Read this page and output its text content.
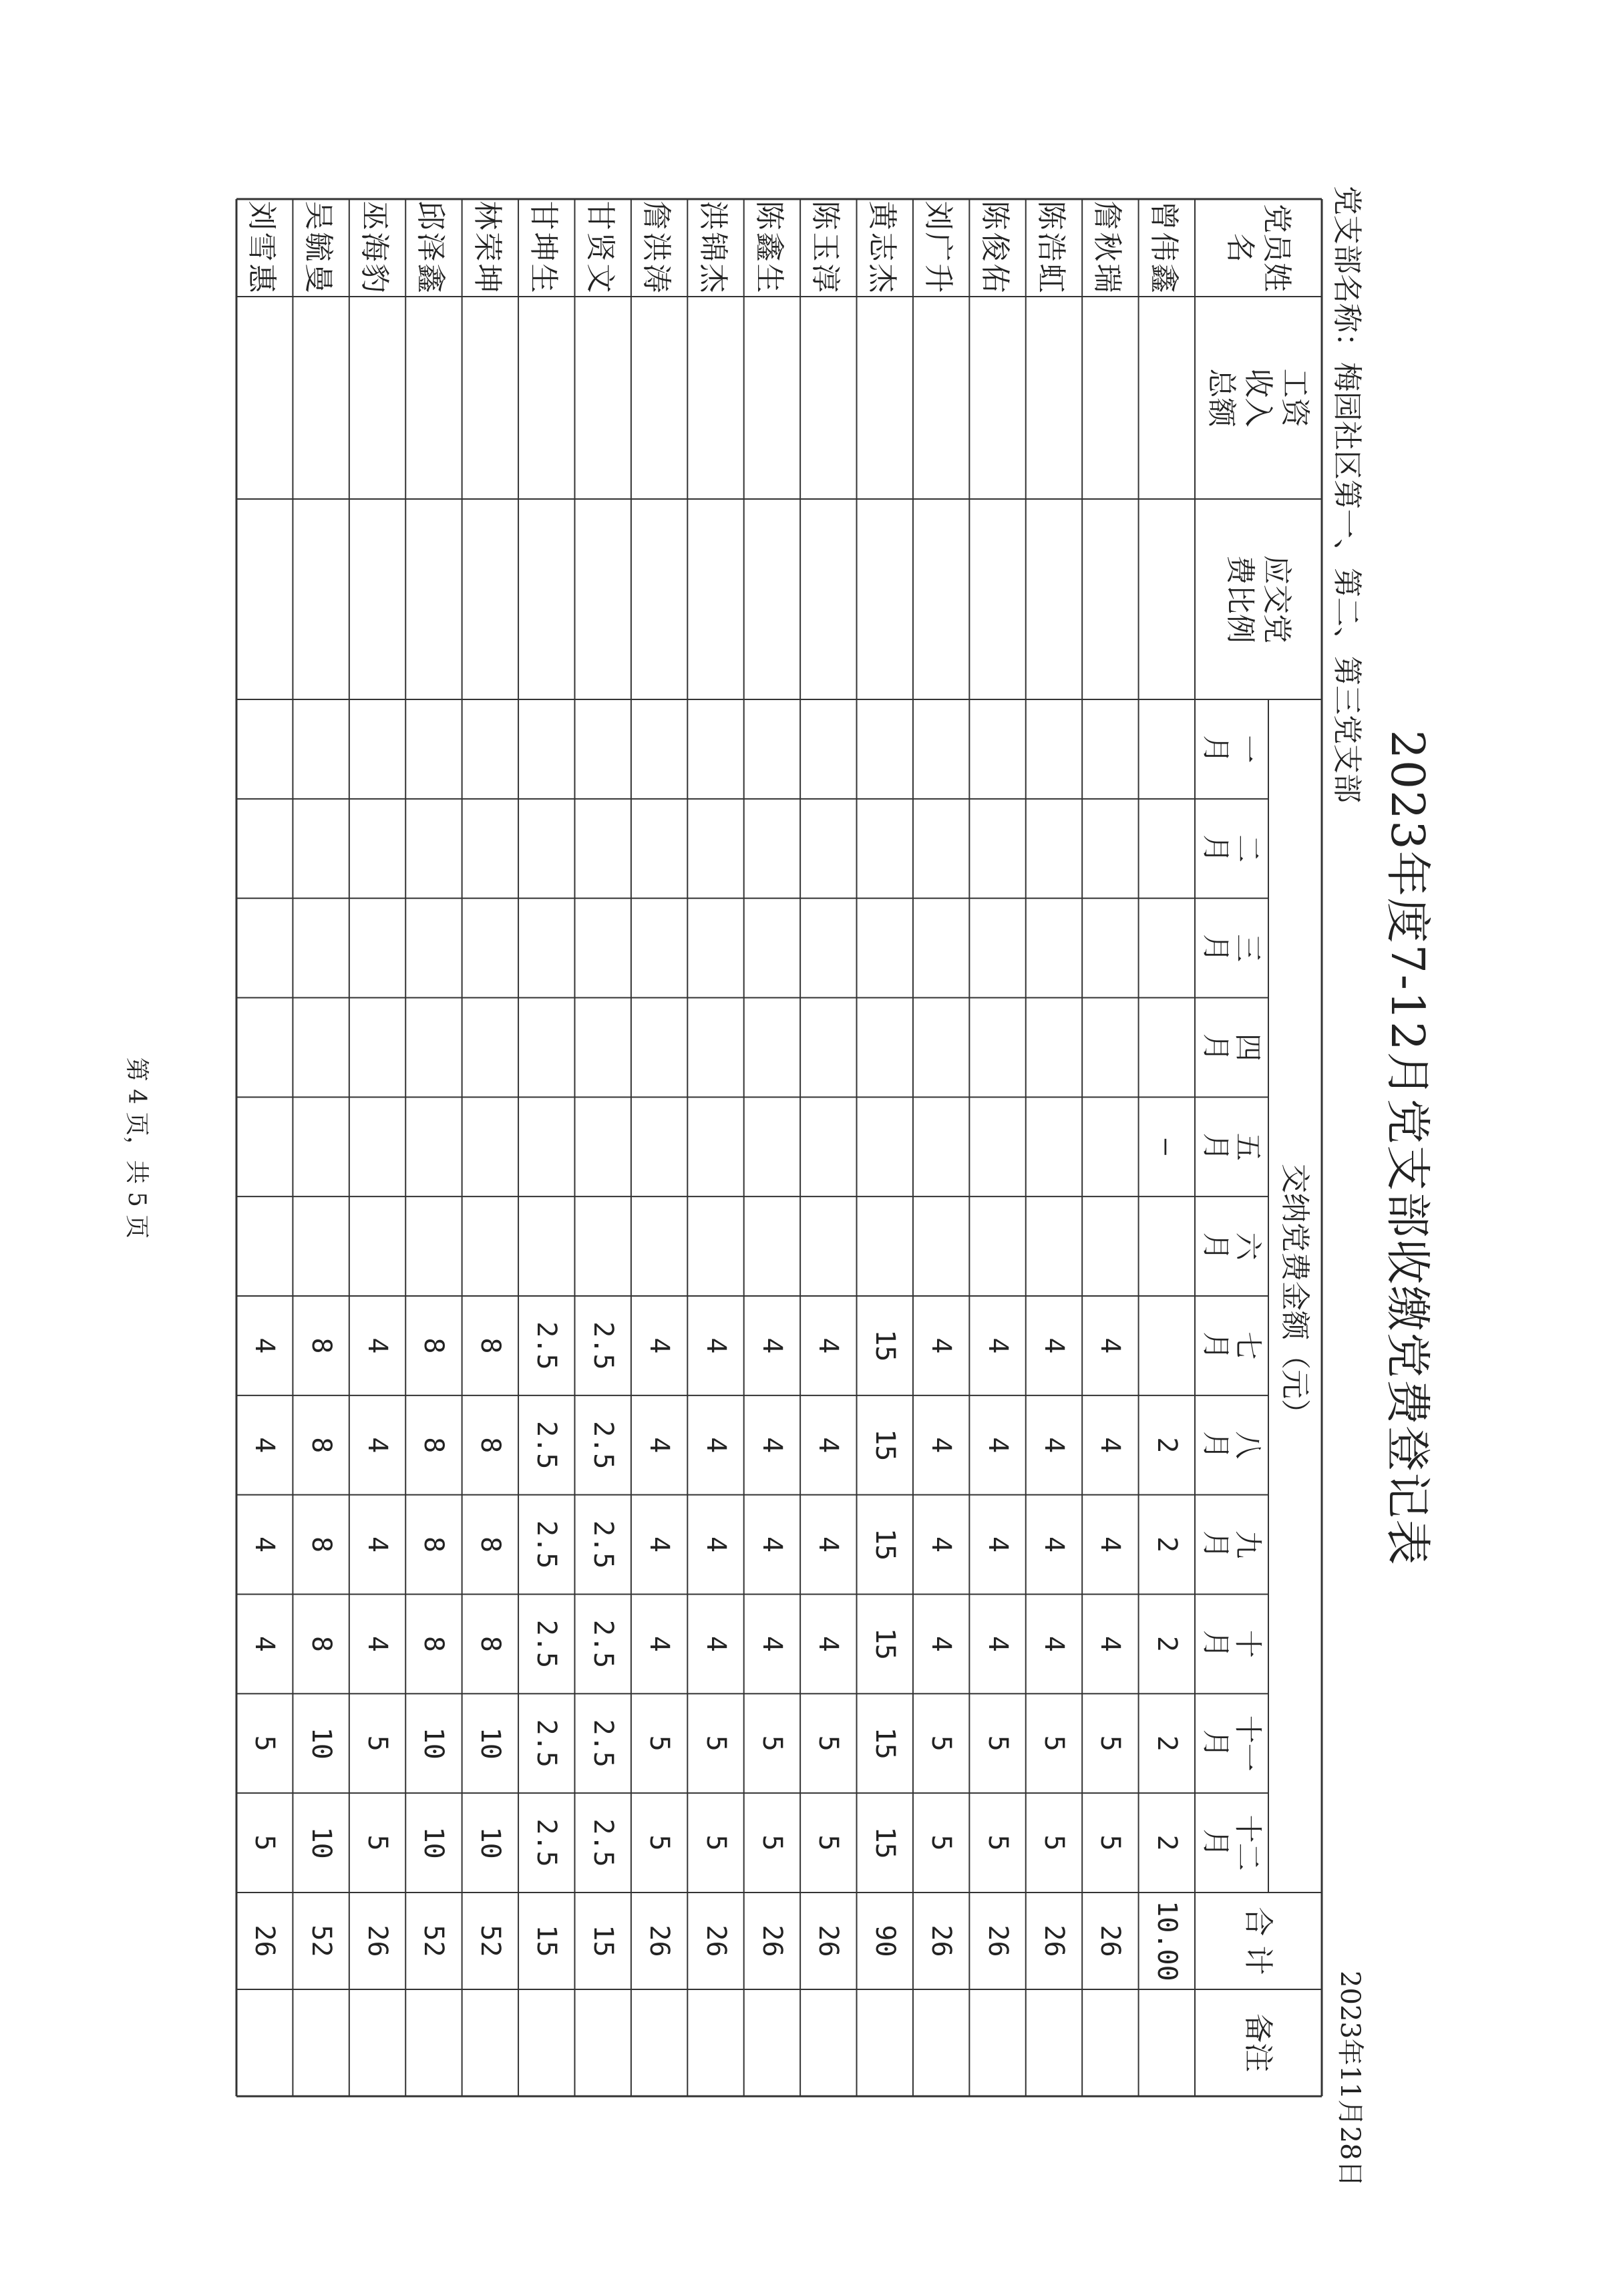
2023年度7-12月党支部收缴党费登记表
党支部名称：梅园社区第一、第二、第三党支部
2023年11月28日
党员姓名
工资
收入
总额
应交党
费比例
交纳党费金额（元）
一
月
二
月
三
月
四
月
五
月
六
月
七
月
八
月
九
月
十
月
十一
月
十二
月
合 计
备注
曾伟鑫
—
2
2
2
2
2
10.00
詹秋瑞
4
4
4
4
5
5
26
陈浩虹
4
4
4
4
5
5
26
陈俊佑
4
4
4
4
5
5
26
刘广升
4
4
4
4
5
5
26
黄志杰
15
15
15
15
15
15
90
陈玉淳
4
4
4
4
5
5
26
陈鑫生
4
4
4
4
5
5
26
洪锦杰
4
4
4
4
5
5
26
詹洪涛
4
4
4
4
5
5
26
甘贤文
2.5
2.5
2.5
2.5
2.5
2.5
15
甘坤生
2.5
2.5
2.5
2.5
2.5
2.5
15
林荣坤
8
8
8
8
10
10
52
邱泽鑫
8
8
8
8
10
10
52
巫海豹
4
4
4
4
5
5
26
吴毓曼
8
8
8
8
10
10
52
刘雪惠
4
4
4
4
5
5
26
第 4 页，共 5 页
